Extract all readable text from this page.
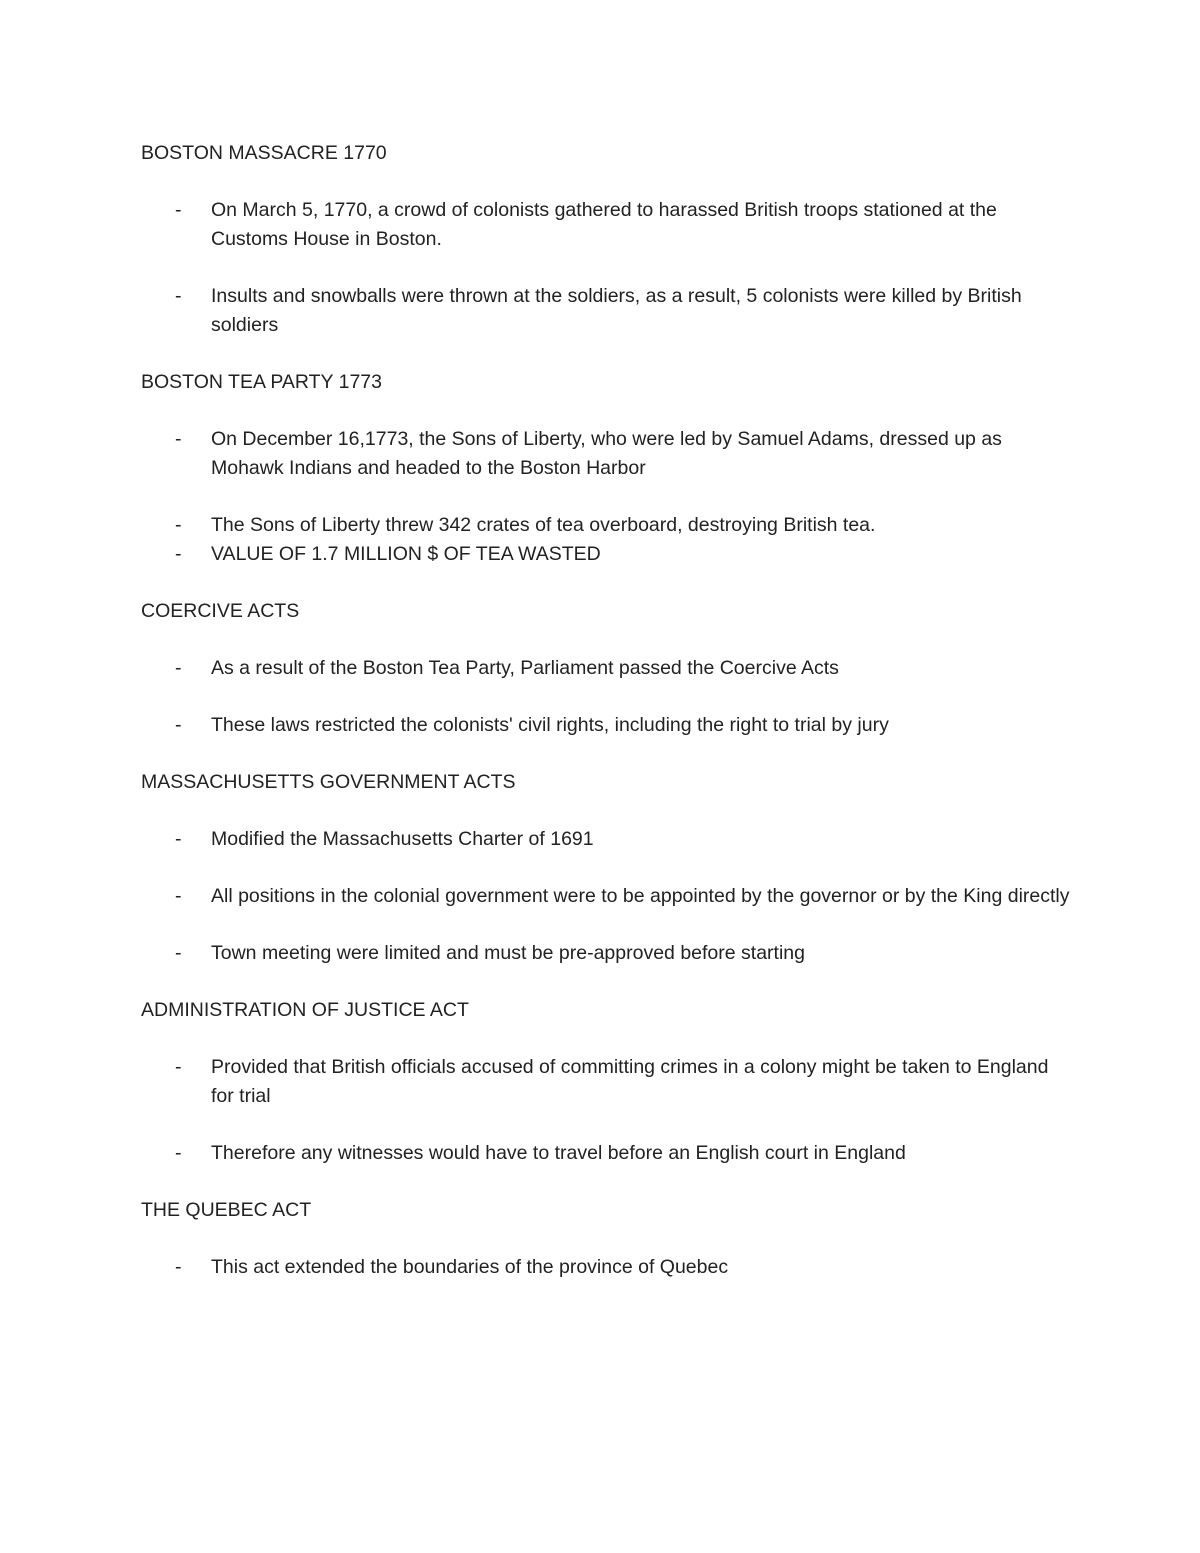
BOSTON MASSACRE 1770
- On March 5, 1770, a crowd of colonists gathered to harassed British troops stationed at the Customs House in Boston.
- Insults and snowballs were thrown at the soldiers, as a result, 5 colonists were killed by British soldiers
BOSTON TEA PARTY 1773
- On December 16,1773, the Sons of Liberty, who were led by Samuel Adams, dressed up as Mohawk Indians and headed to the Boston Harbor
- The Sons of Liberty threw 342 crates of tea overboard, destroying British tea.
- VALUE OF 1.7 MILLION $ OF TEA WASTED
COERCIVE ACTS
- As a result of the Boston Tea Party, Parliament passed the Coercive Acts
- These laws restricted the colonists' civil rights, including the right to trial by jury
MASSACHUSETTS GOVERNMENT ACTS
- Modified the Massachusetts Charter of 1691
- All positions in the colonial government were to be appointed by the governor or by the King directly
- Town meeting were limited and must be pre-approved before starting
ADMINISTRATION OF JUSTICE ACT
- Provided that British officials accused of committing crimes in a colony might be taken to England for trial
- Therefore any witnesses would have to travel before an English court in England
THE QUEBEC ACT
- This act extended the boundaries of the province of Quebec
